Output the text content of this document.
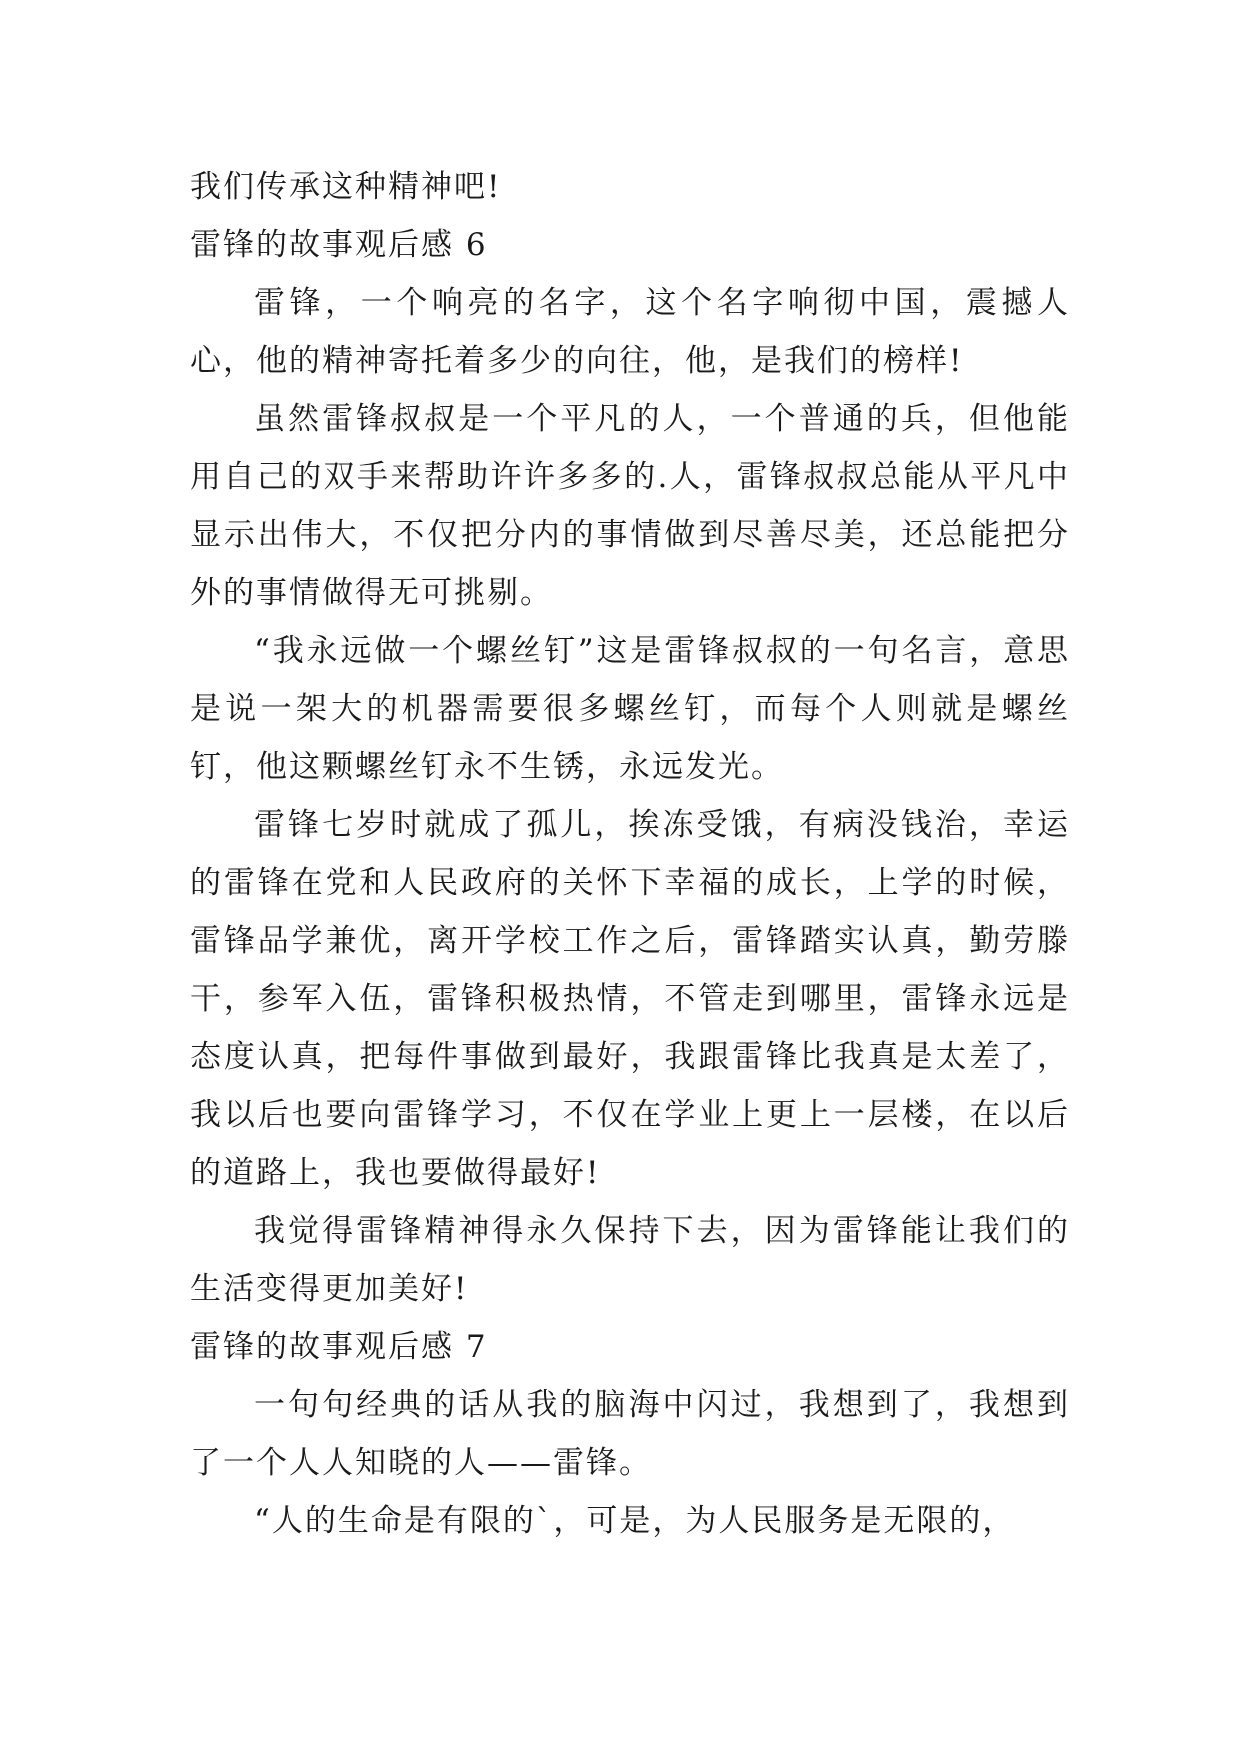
我们传承这种精神吧!
雷锋的故事观后感 6

雷锋，一个响亮的名字，这个名字响彻中国，震撼人心，他的精神寄托着多少的向往，他，是我们的榜样!

虽然雷锋叔叔是一个平凡的人，一个普通的兵，但他能用自己的双手来帮助许许多多的.人，雷锋叔叔总能从平凡中显示出伟大，不仅把分内的事情做到尽善尽美，还总能把分外的事情做得无可挑剔。

“我永远做一个螺丝钉”这是雷锋叔叔的一句名言，意思是说一架大的机器需要很多螺丝钉，而每个人则就是螺丝钉，他这颗螺丝钉永不生锈，永远发光。

雷锋七岁时就成了孤儿，挨冻受饿，有病没钱治，幸运的雷锋在党和人民政府的关怀下幸福的成长，上学的时候，雷锋品学兼优，离开学校工作之后，雷锋踏实认真，勤劳滕干，参军入伍，雷锋积极热情，不管走到哪里，雷锋永远是态度认真，把每件事做到最好，我跟雷锋比我真是太差了，我以后也要向雷锋学习，不仅在学业上更上一层楼，在以后的道路上，我也要做得最好!

我觉得雷锋精神得永久保持下去，因为雷锋能让我们的生活变得更加美好!

雷锋的故事观后感 7

一句句经典的话从我的脑海中闪过，我想到了，我想到了一个人人知晓的人——雷锋。

“人的生命是有限的`，可是，为人民服务是无限的，
